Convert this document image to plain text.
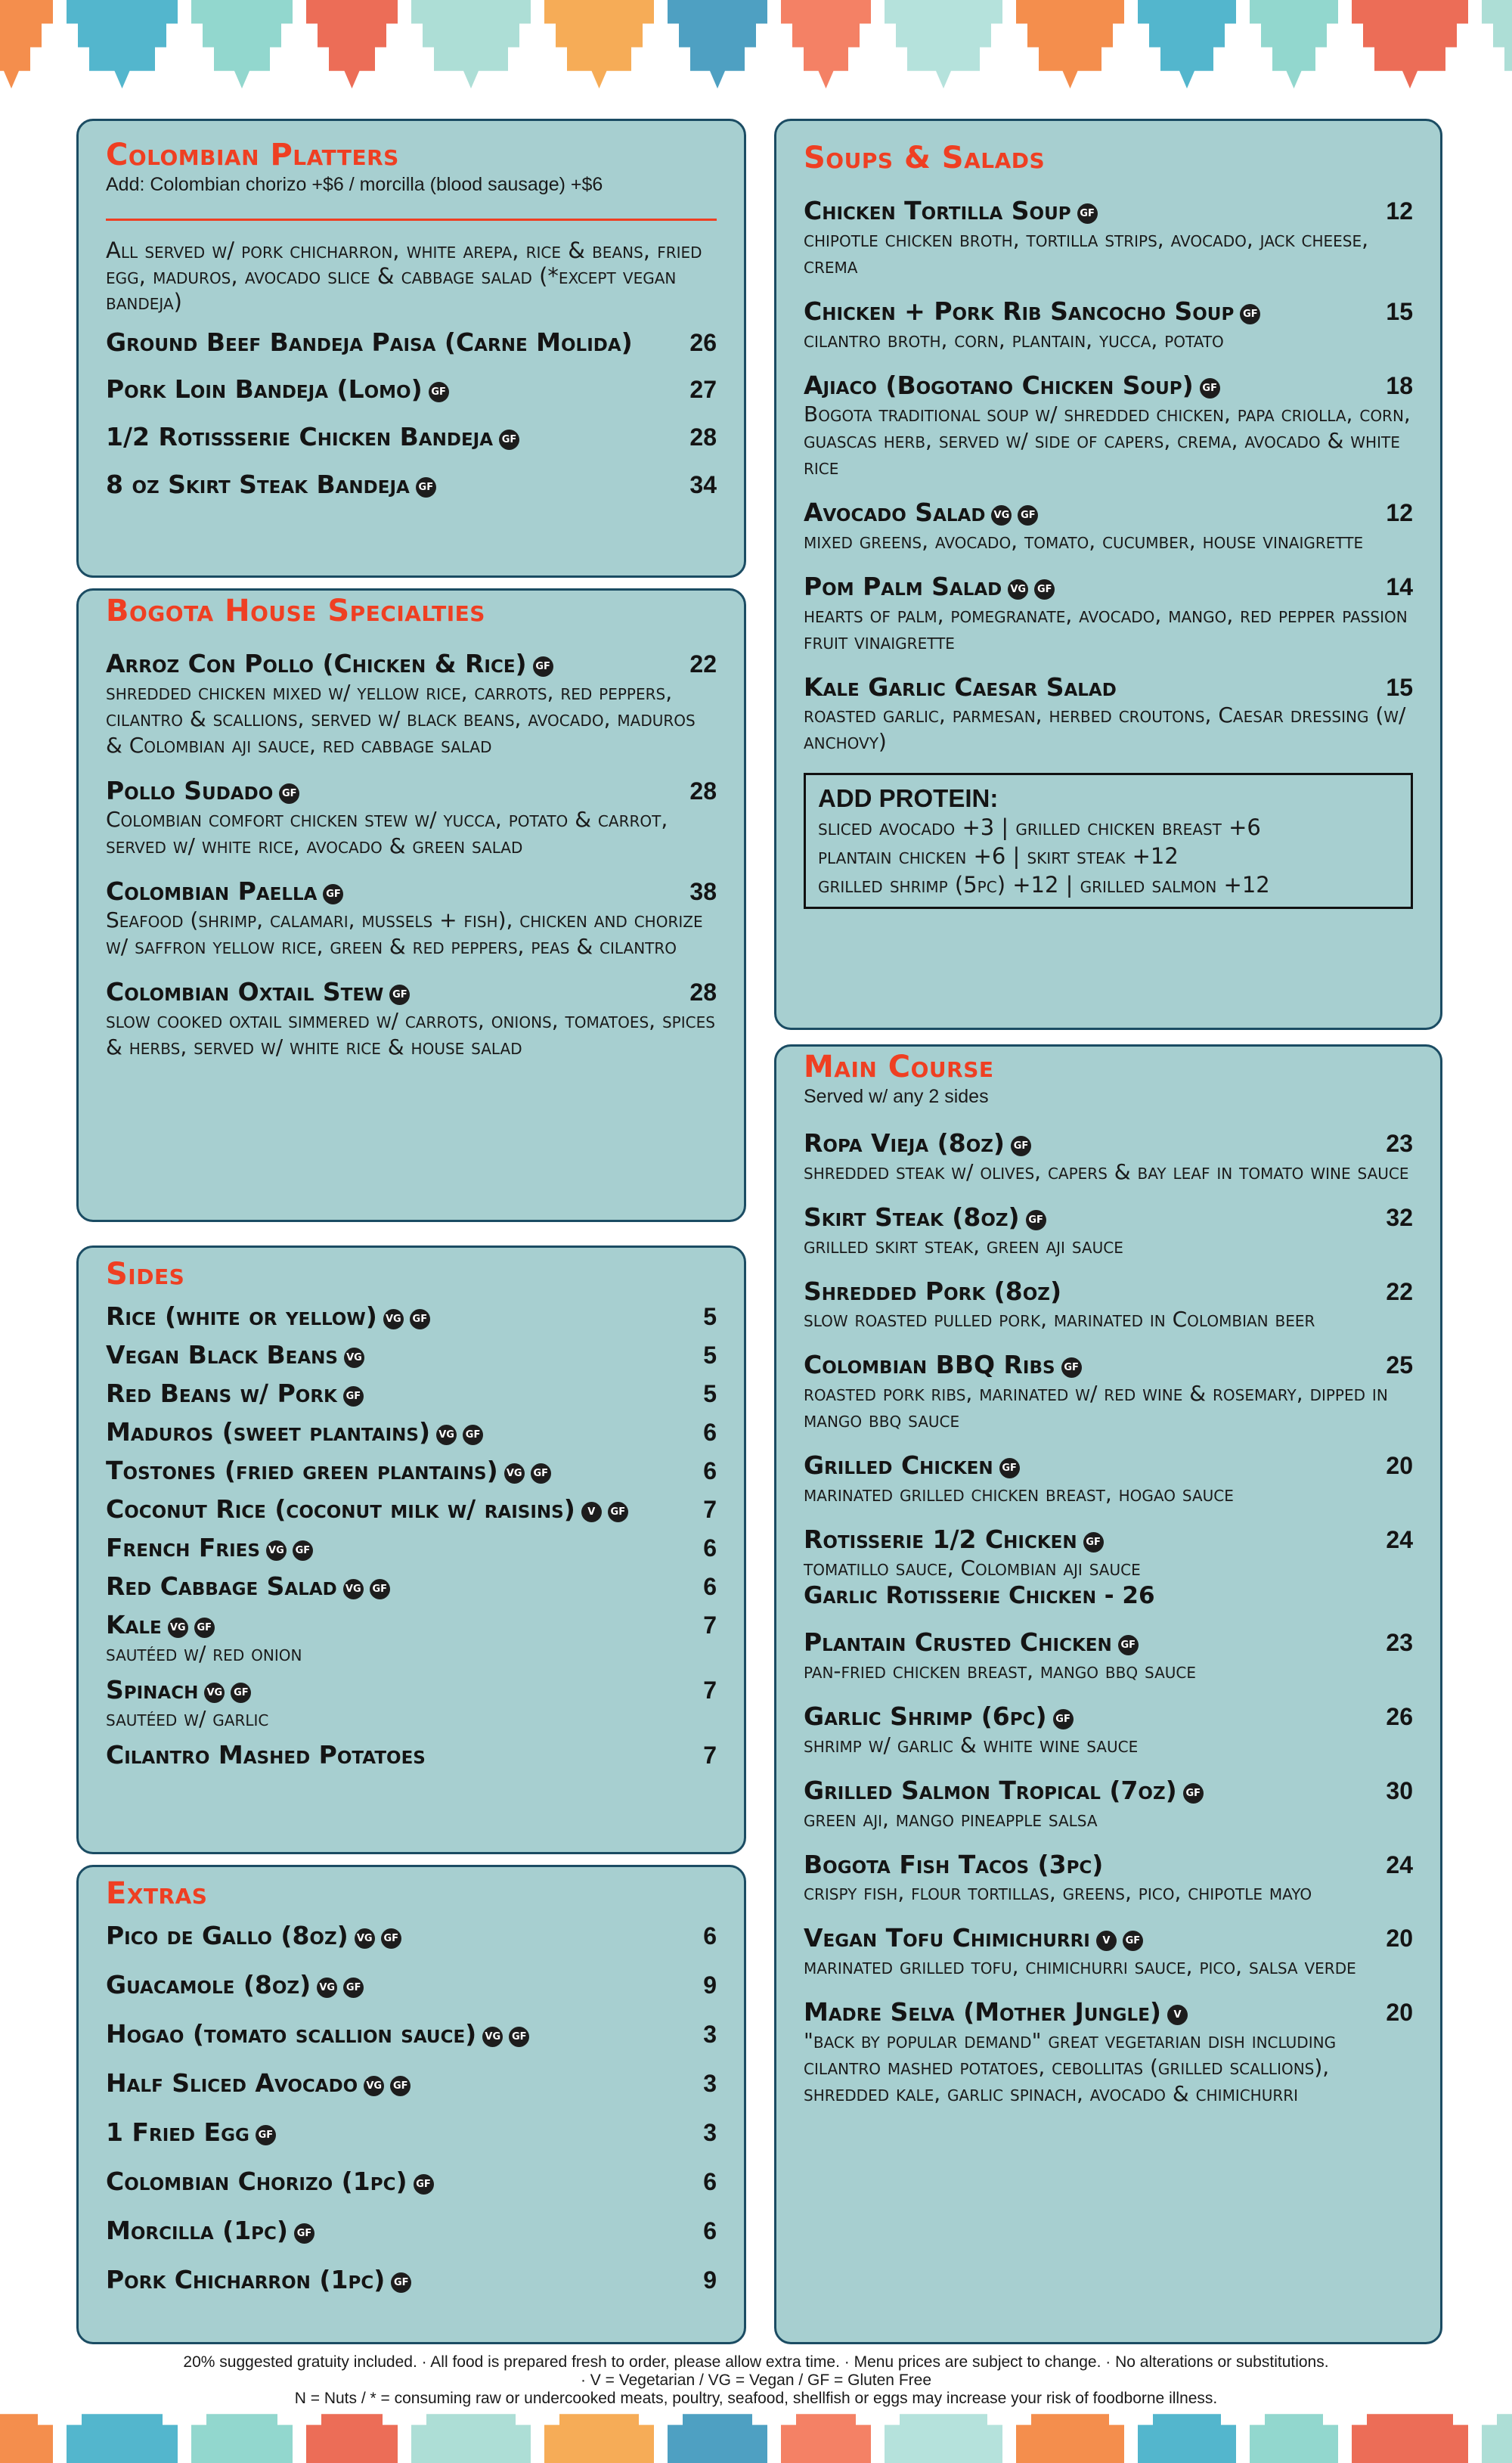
Colombian Platters
Add: Colombian chorizo +$6 / morcilla (blood sausage) +$6
All served w/ pork chicharron, white arepa, rice & beans, fried egg, maduros, avocado slice & cabbage salad (*except vegan bandeja)
Ground Beef Bandeja Paisa (Carne Molida) 26
Pork Loin Bandeja (Lomo) GF	27
1/2 Rotissserie Chicken Bandeja GF	28
8 oz Skirt Steak Bandeja GF	34
Bogota House Specialties
Arroz Con Pollo (Chicken & Rice) GF	22
shredded chicken mixed w/ yellow rice, carrots, red peppers, cilantro & scallions, served w/ black beans, avocado, maduros & Colombian aji sauce, red cabbage salad
Pollo Sudado GF	28
Colombian comfort chicken stew w/ yucca, potato & carrot, served w/ white rice, avocado & green salad
Colombian Paella GF	38
Seafood (shrimp, calamari, mussels + fish), chicken and chorize w/ saffron yellow rice, green & red peppers, peas & cilantro
Colombian Oxtail Stew GF	28
slow cooked oxtail simmered w/ carrots, onions, tomatoes, spices & herbs, served w/ white rice & house salad
Sides
Rice (white or yellow) VG GF	5
Vegan Black Beans VG	5
Red Beans w/ Pork GF	5
Maduros (sweet plantains) VG GF	6
Tostones (fried green plantains) VG GF	6
Coconut Rice (coconut milk w/ raisins) V GF	7
French Fries VG GF	6
Red Cabbage Salad VG GF	6
Kale VG GF	7
sautéed w/ red onion
Spinach VG GF	7
sautéed w/ garlic
Cilantro Mashed Potatoes	7
Extras
Pico de Gallo (8oz) VG GF	6
Guacamole (8oz) VG GF	9
Hogao (tomato scallion sauce) VG GF	3
Half Sliced Avocado VG GF	3
1 Fried Egg GF	3
Colombian Chorizo (1pc) GF	6
Morcilla (1pc) GF	6
Pork Chicharron (1pc) GF	9
Soups & Salads
Chicken Tortilla Soup GF	12
chipotle chicken broth, tortilla strips, avocado, jack cheese, crema
Chicken + Pork Rib Sancocho Soup GF	15
cilantro broth, corn, plantain, yucca, potato
Ajiaco (Bogotano Chicken Soup) GF	18
Bogota traditional soup w/ shredded chicken, papa criolla, corn, guascas herb, served w/ side of capers, crema, avocado & white rice
Avocado Salad VG GF	12
mixed greens, avocado, tomato, cucumber, house vinaigrette
Pom Palm Salad VG GF	14
hearts of palm, pomegranate, avocado, mango, red pepper passion fruit vinaigrette
Kale Garlic Caesar Salad	15
roasted garlic, parmesan, herbed croutons, Caesar dressing (w/ anchovy)
ADD PROTEIN:
sliced avocado +3 | grilled chicken breast +6
plantain chicken +6 | skirt steak +12
grilled shrimp (5pc) +12 | grilled salmon +12
Main Course
Served w/ any 2 sides
Ropa Vieja (8oz) GF	23
shredded steak w/ olives, capers & bay leaf in tomato wine sauce
Skirt Steak (8oz) GF	32
grilled skirt steak, green aji sauce
Shredded Pork (8oz)	22
slow roasted pulled pork, marinated in Colombian beer
Colombian BBQ Ribs GF	25
roasted pork ribs, marinated w/ red wine & rosemary, dipped in mango bbq sauce
Grilled Chicken GF	20
marinated grilled chicken breast, hogao sauce
Rotisserie 1/2 Chicken GF	24
tomatillo sauce, Colombian aji sauce
Garlic Rotisserie Chicken - 26
Plantain Crusted Chicken GF	23
pan-fried chicken breast, mango bbq sauce
Garlic Shrimp (6pc) GF	26
shrimp w/ garlic & white wine sauce
Grilled Salmon Tropical (7oz) GF	30
green aji, mango pineapple salsa
Bogota Fish Tacos (3pc)	24
crispy fish, flour tortillas, greens, pico, chipotle mayo
Vegan Tofu Chimichurri V GF	20
marinated grilled tofu, chimichurri sauce, pico, salsa verde
Madre Selva (Mother Jungle) V	20
"back by popular demand" great vegetarian dish including cilantro mashed potatoes, cebollitas (grilled scallions), shredded kale, garlic spinach, avocado & chimichurri
20% suggested gratuity included. · All food is prepared fresh to order, please allow extra time. · Menu prices are subject to change. · No alterations or substitutions.
· V = Vegetarian / VG = Vegan / GF = Gluten Free
N = Nuts / * = consuming raw or undercooked meats, poultry, seafood, shellfish or eggs may increase your risk of foodborne illness.
